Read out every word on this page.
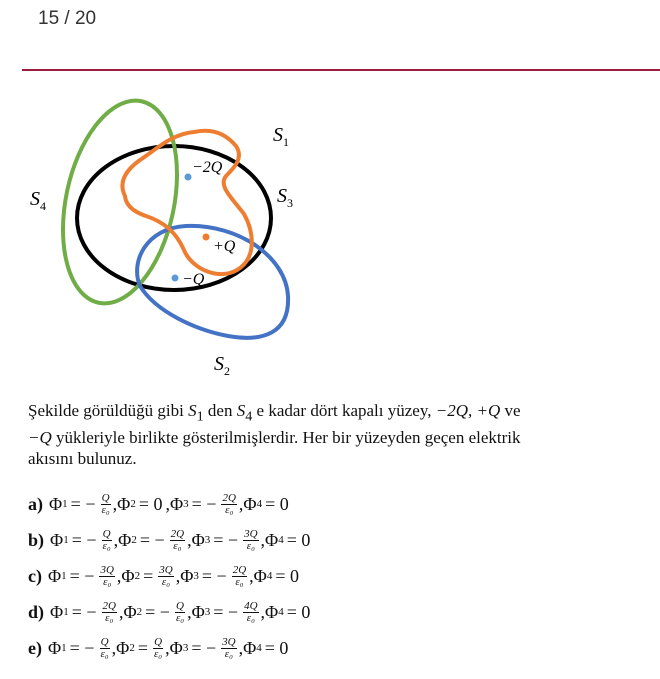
15 / 20
−2Q
+Q
−Q
$S_1$
$S_3$
$S_4$
$S_2$
Şekilde görüldüğü gibi $S_1$ den $S_4$ e kadar dört kapalı yüzey, −2Q, +Q ve
−Q yükleriyle birlikte gösterilmişlerdir. Her bir yüzeyden geçen elektrik
akısını bulunuz.
a) Φ 1 = − $\frac{Q}{\text{ε₀}}$ , Φ 2 = 0 , Φ 3 = − $\frac{2Q}{\text{ε₀}}$ , Φ 4 = 0
b) Φ 1 = − $\frac{Q}{\text{ε₀}}$ , Φ 2 = − $\frac{2Q}{\text{ε₀}}$ , Φ 3 = − $\frac{3Q}{\text{ε₀}}$ , Φ 4 = 0
c) Φ 1 = − $\frac{3Q}{\text{ε₀}}$ , Φ $2 = \frac{3Q}{\text{ε₀}}$ , Φ 3 = − $\frac{2Q}{\text{ε₀}}$ , Φ 4 = 0
d) Φ 1 = − $\frac{2Q}{\text{ε₀}}$ , Φ 2 = − $\frac{Q}{\text{ε₀}}$ , Φ 3 = − $\frac{4Q}{\text{ε₀}}$ , Φ 4 = 0
e) Φ 1 = − $\frac{Q}{\text{ε₀}}$ , Φ $2 = \frac{Q}{\text{ε₀}}$ , Φ 3 = − $\frac{3Q}{\text{ε₀}}$ , Φ 4 = 0
